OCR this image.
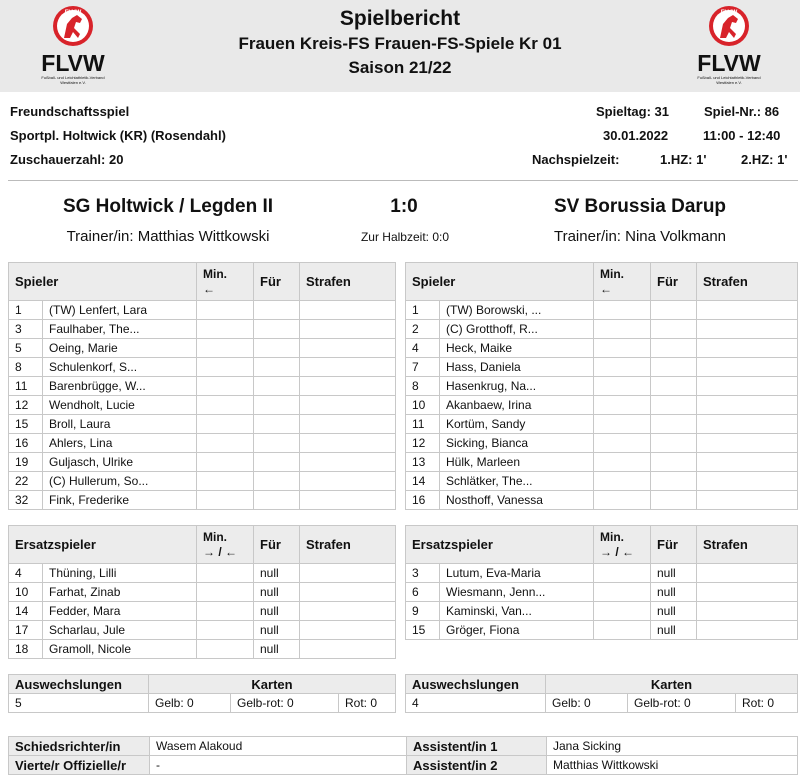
FLVW
FLVW
Fußball- und Leichtathletik-Verband Westfalen e.V.
FLVW
FLVW
Fußball- und Leichtathletik-Verband Westfalen e.V.
Spielbericht
Frauen Kreis-FS Frauen-FS-Spiele Kr 01
Saison 21/22
Freundschaftsspiel
Sportpl. Holtwick (KR) (Rosendahl)
Zuschauerzahl: 20
Spieltag: 31	Spiel-Nr.: 86
30.01.2022	11:00 - 12:40
Nachspielzeit:	1.HZ: 1'	2.HZ: 1'
SG Holtwick / Legden II	1:0	SV Borussia Darup
Trainer/in: Matthias Wittkowski	Zur Halbzeit: 0:0	Trainer/in: Nina Volkmann
Spieler		Min.
←	Für	Strafen
1	(TW) Lenfert, Lara			
3	Faulhaber, The...			
5	Oeing, Marie			
8	Schulenkorf, S...			
11	Barenbrügge, W...			
12	Wendholt, Lucie			
15	Broll, Laura			
16	Ahlers, Lina			
19	Guljasch, Ulrike			
22	(C) Hullerum, So...			
32	Fink, Frederike			
Spieler		Min.
←	Für	Strafen
1	(TW) Borowski, ...			
2	(C) Grotthoff, R...			
4	Heck, Maike			
7	Hass, Daniela			
8	Hasenkrug, Na...			
10	Akanbaew, Irina			
11	Kortüm, Sandy			
12	Sicking, Bianca			
13	Hülk, Marleen			
14	Schlätker, The...			
16	Nosthoff, Vanessa			
Ersatzspieler		Min.
→ / ←	Für	Strafen
4	Thüning, Lilli		null	
10	Farhat, Zinab		null	
14	Fedder, Mara		null	
17	Scharlau, Jule		null	
18	Gramoll, Nicole		null	
Ersatzspieler		Min.
→ / ←	Für	Strafen
3	Lutum, Eva-Maria		null	
6	Wiesmann, Jenn...		null	
9	Kaminski, Van...		null	
15	Gröger, Fiona		null	
Auswechslungen	Karten		
5	Gelb: 0	Gelb-rot: 0	Rot: 0
Auswechslungen	Karten		
4	Gelb: 0	Gelb-rot: 0	Rot: 0
Schiedsrichter/in	Wasem Alakoud	Assistent/in 1	Jana Sicking
Vierte/r Offizielle/r	-	Assistent/in 2	Matthias Wittkowski
